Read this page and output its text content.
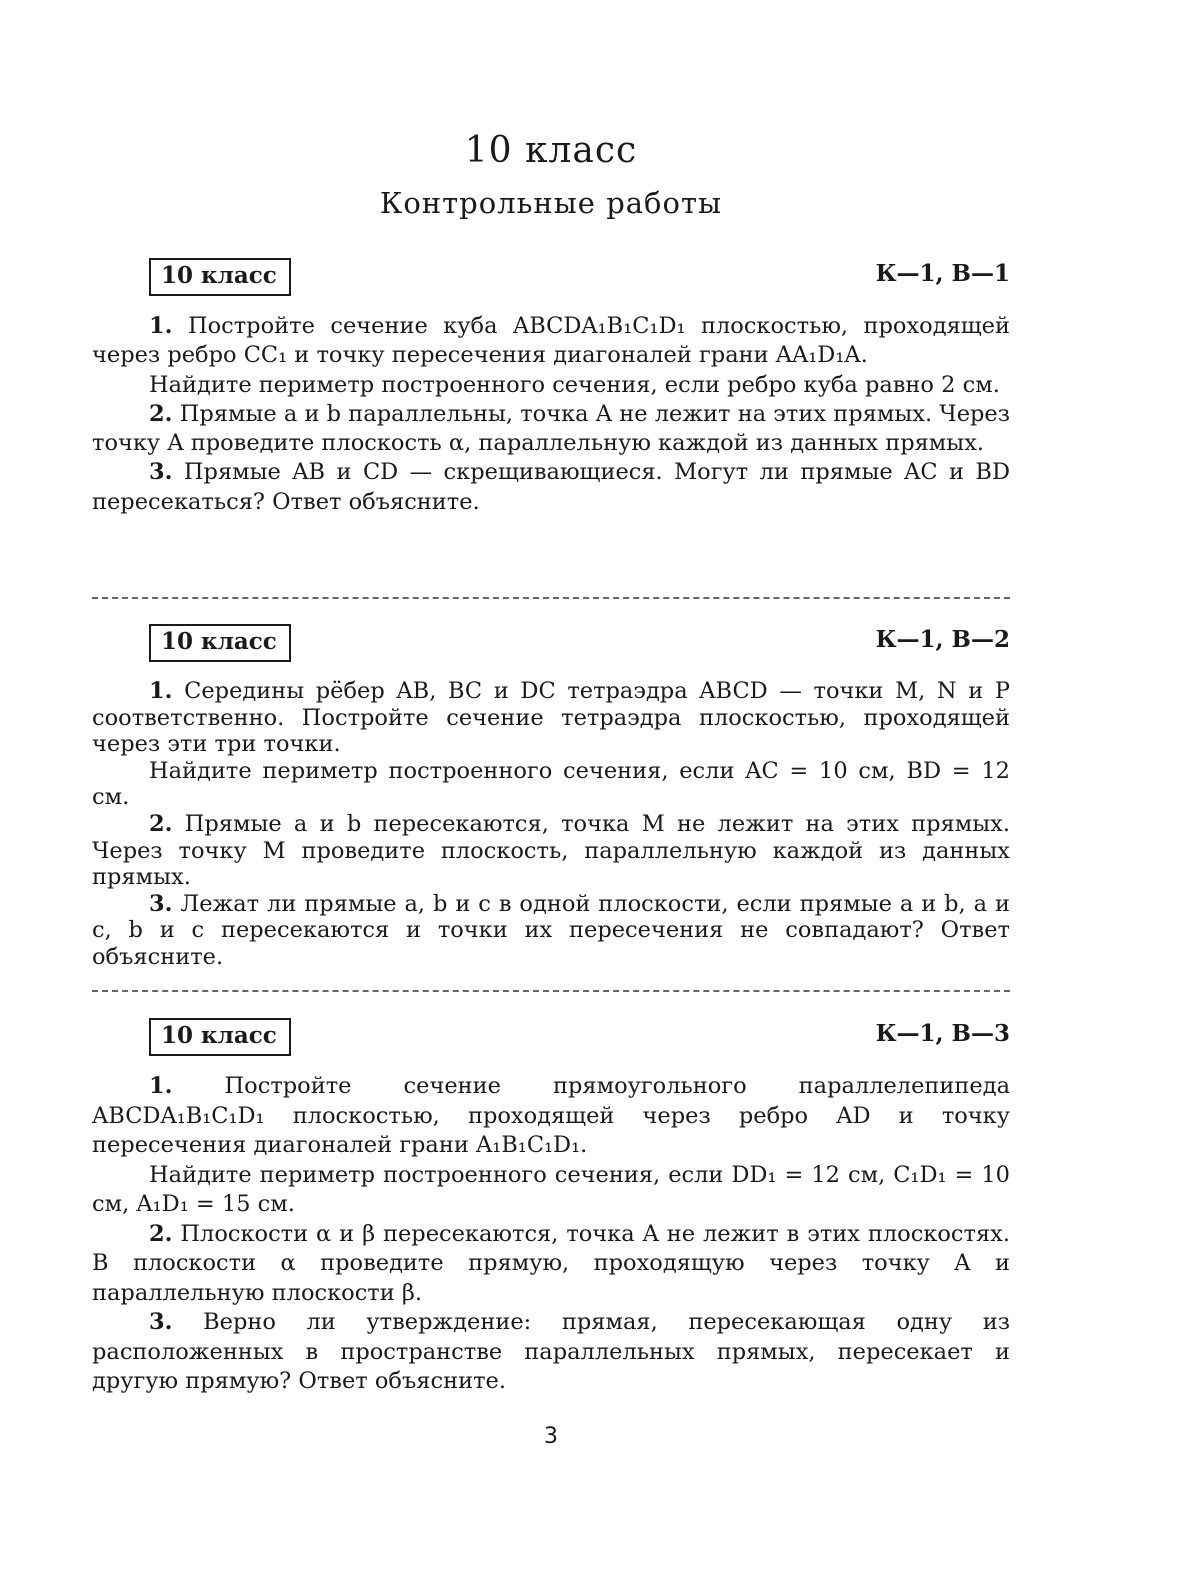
10 класс
Контрольные работы
10 класс	К—1, В—1

1. Постройте сечение куба ABCDA₁B₁C₁D₁ плоскостью, проходящей через ребро CC₁ и точку пересечения диагоналей грани AA₁D₁A.

Найдите периметр построенного сечения, если ребро куба равно 2 см.

2. Прямые a и b параллельны, точка A не лежит на этих прямых. Через точку A проведите плоскость α, параллельную каждой из данных прямых.

3. Прямые AB и CD — скрещивающиеся. Могут ли прямые AC и BD пересекаться? Ответ объясните.

10 класс	К—1, В—2

1. Середины рёбер AB, BC и DC тетраэдра ABCD — точки M, N и P соответственно. Постройте сечение тетраэдра плоскостью, проходящей через эти три точки.

Найдите периметр построенного сечения, если AC = 10 см, BD = 12 см.

2. Прямые a и b пересекаются, точка M не лежит на этих прямых. Через точку M проведите плоскость, параллельную каждой из данных прямых.

3. Лежат ли прямые a, b и c в одной плоскости, если прямые a и b, a и c, b и c пересекаются и точки их пересечения не совпадают? Ответ объясните.

10 класс	К—1, В—3

1. Постройте сечение прямоугольного параллелепипеда ABCDA₁B₁C₁D₁ плоскостью, проходящей через ребро AD и точку пересечения диагоналей грани A₁B₁C₁D₁.

Найдите периметр построенного сечения, если DD₁ = 12 см, C₁D₁ = 10 см, A₁D₁ = 15 см.

2. Плоскости α и β пересекаются, точка A не лежит в этих плоскостях. В плоскости α проведите прямую, проходящую через точку A и параллельную плоскости β.

3. Верно ли утверждение: прямая, пересекающая одну из расположенных в пространстве параллельных прямых, пересекает и другую прямую? Ответ объясните.

3
